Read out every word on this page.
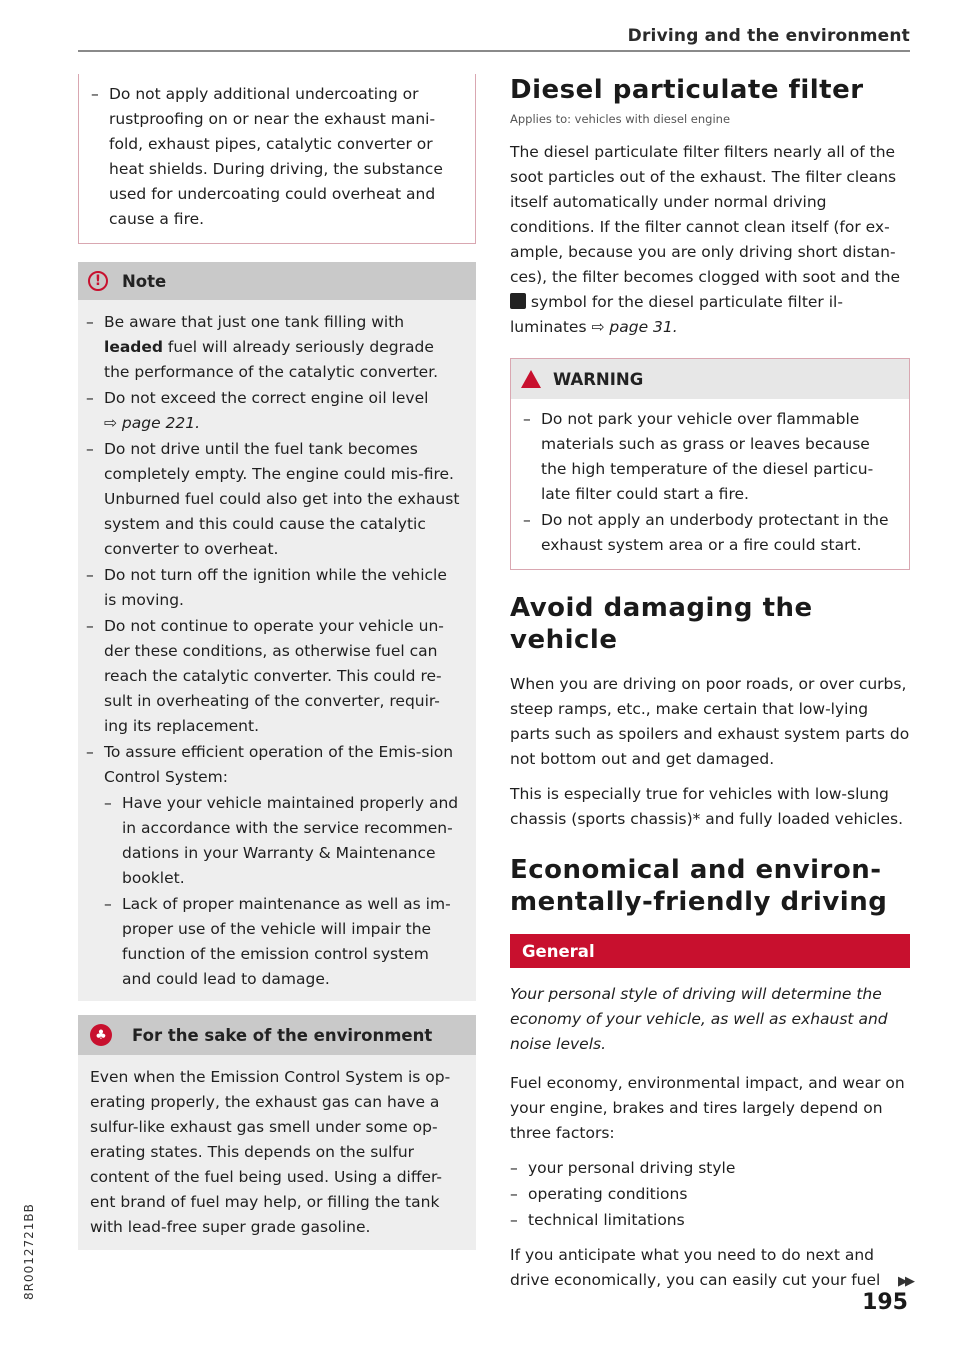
Driving and the environment

– Do not apply additional undercoating or rustproofing on or near the exhaust mani-fold, exhaust pipes, catalytic converter or heat shields. During driving, the substance used for undercoating could overheat and cause a fire.

!	Note

– Be aware that just one tank filling with leaded fuel will already seriously degrade the performance of the catalytic converter.

– Do not exceed the correct engine oil level
⇨ page 221.

– Do not drive until the fuel tank becomes completely empty. The engine could mis-fire. Unburned fuel could also get into the exhaust system and this could cause the catalytic converter to overheat.

– Do not turn off the ignition while the vehicle is moving.

– Do not continue to operate your vehicle un-der these conditions, as otherwise fuel can reach the catalytic converter. This could re-sult in overheating of the converter, requir-ing its replacement.

– To assure efficient operation of the Emis-sion Control System:

– Have your vehicle maintained properly and in accordance with the service recommen-dations in your Warranty & Maintenance booklet.

– Lack of proper maintenance as well as im-proper use of the vehicle will impair the function of the emission control system and could lead to damage.

♣	For the sake of the environment

Even when the Emission Control System is op-erating properly, the exhaust gas can have a sulfur-like exhaust gas smell under some op-erating states. This depends on the sulfur content of the fuel being used. Using a differ-ent brand of fuel may help, or filling the tank with lead-free super grade gasoline.

Diesel particulate filter
Applies to: vehicles with diesel engine

The diesel particulate filter filters nearly all of the soot particles out of the exhaust. The filter cleans itself automatically under normal driving conditions. If the filter cannot clean itself (for ex-ample, because you are only driving short distan-ces), the filter becomes clogged with soot and the  symbol for the diesel particulate filter il-luminates ⇨ page 31.

WARNING

– Do not park your vehicle over flammable materials such as grass or leaves because the high temperature of the diesel particu-late filter could start a fire.

– Do not apply an underbody protectant in the exhaust system area or a fire could start.

Avoid damaging the
vehicle

When you are driving on poor roads, or over curbs, steep ramps, etc., make certain that low-lying parts such as spoilers and exhaust system parts do not bottom out and get damaged.

This is especially true for vehicles with low-slung chassis (sports chassis)* and fully loaded vehicles.

Economical and environ-
mentally-friendly driving
General

Your personal style of driving will determine the economy of your vehicle, as well as exhaust and noise levels.

Fuel economy, environmental impact, and wear on your engine, brakes and tires largely depend on three factors:

– your personal driving style

– operating conditions

– technical limitations

If you anticipate what you need to do next and drive economically, you can easily cut your fuel	▶▶
195
8R0012721BB
